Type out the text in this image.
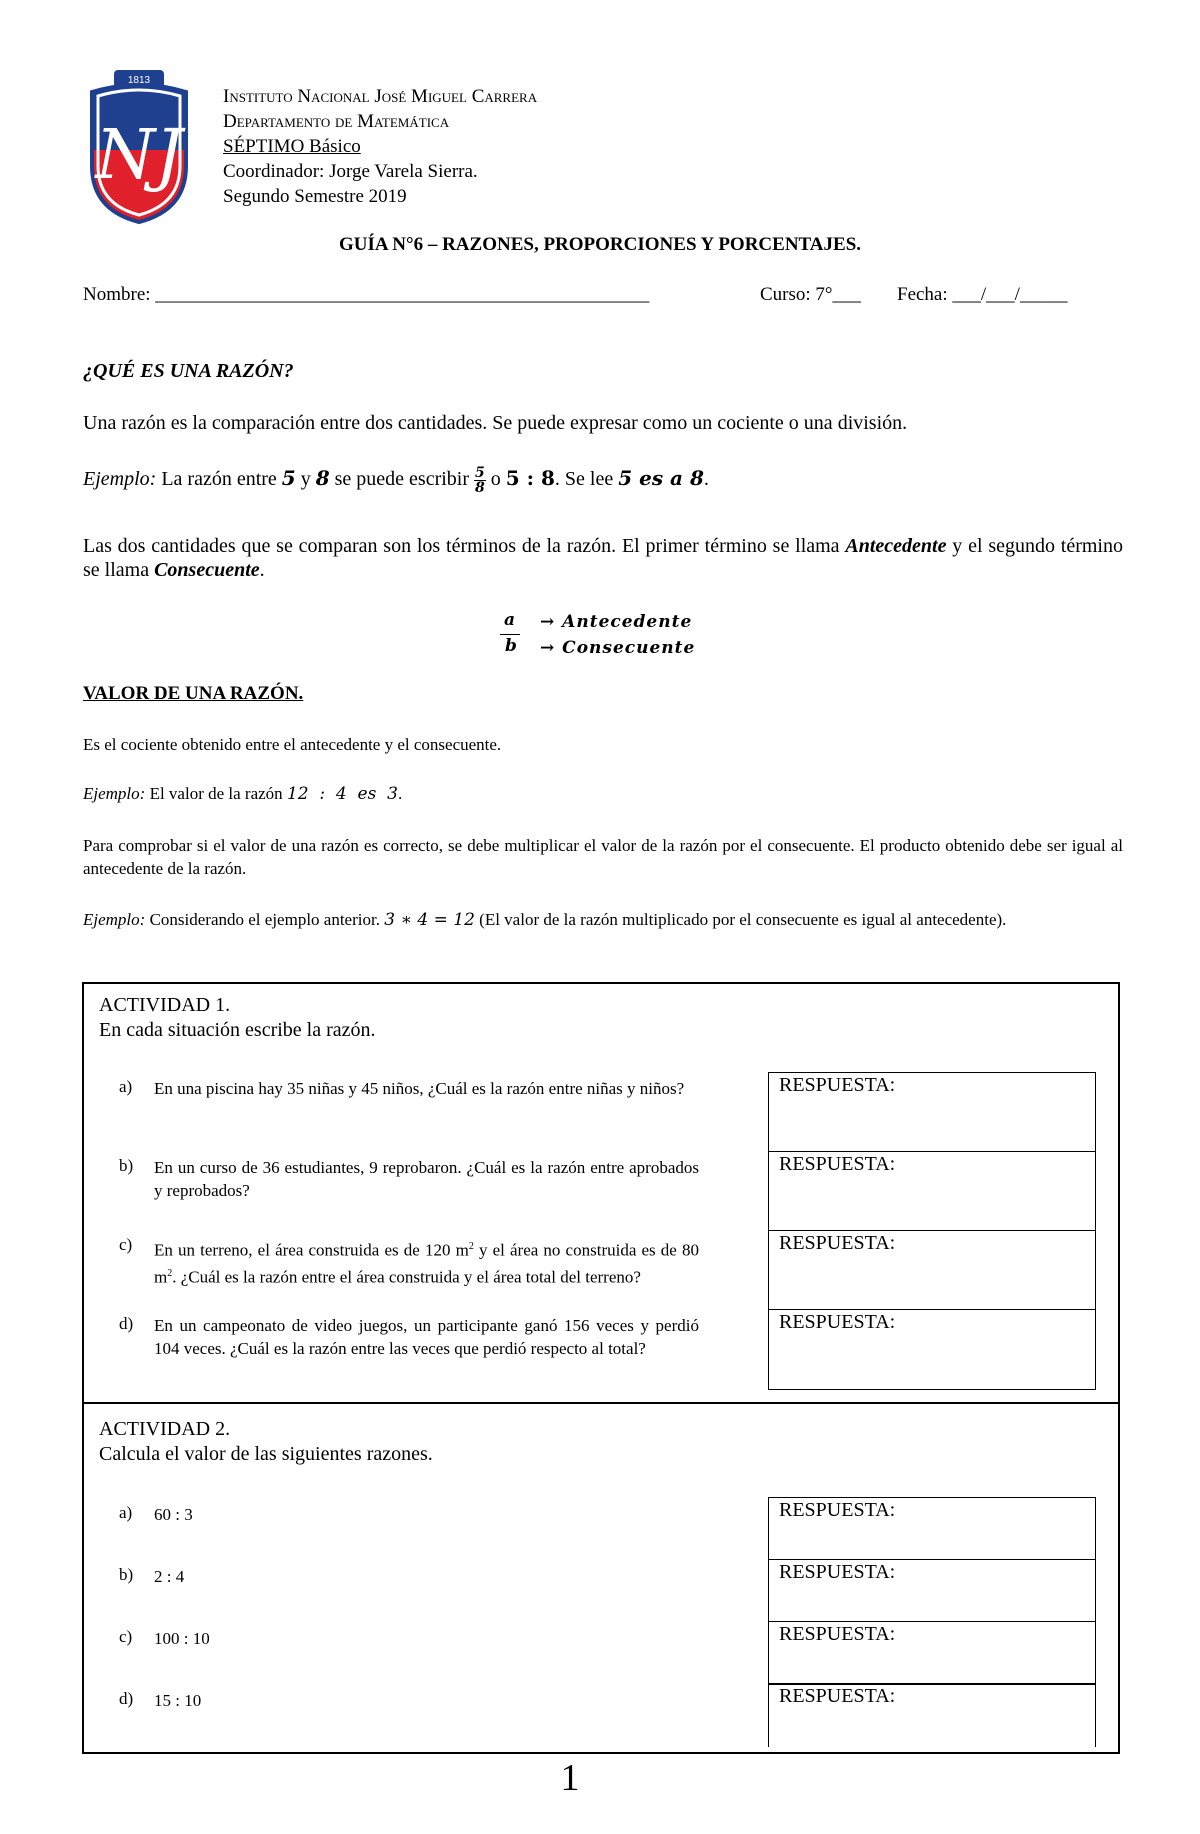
1813
NJ
Instituto Nacional José Miguel Carrera
Departamento de Matemática
SÉPTIMO Básico
Coordinador: Jorge Varela Sierra.
Segundo Semestre 2019
GUÍA N°6 – RAZONES, PROPORCIONES Y PORCENTAJES.
Nombre: ____________________________________________________	Curso: 7°___ Fecha: ___/___/_____
¿QUÉ ES UNA RAZÓN?
Una razón es la comparación entre dos cantidades. Se puede expresar como un cociente o una división.
Ejemplo: La razón entre 5 y 8 se puede escribir $\frac{5}{8}$ o 5 : 8. Se lee 5 es a 8.
Las dos cantidades que se comparan son los términos de la razón. El primer término se llama Antecedente y el segundo término se llama Consecuente.
a
b
→ Antecedente
→ Consecuente
VALOR DE UNA RAZÓN.
Es el cociente obtenido entre el antecedente y el consecuente.
Ejemplo: El valor de la razón 12  :  4  es  3.
Para comprobar si el valor de una razón es correcto, se debe multiplicar el valor de la razón por el consecuente. El producto obtenido debe ser igual al antecedente de la razón.
Ejemplo: Considerando el ejemplo anterior. 3 ∗ 4 = 12 (El valor de la razón multiplicado por el consecuente es igual al antecedente).
ACTIVIDAD 1.
En cada situación escribe la razón.
a) En una piscina hay 35 niñas y 45 niños, ¿Cuál es la razón entre niñas y niños?
b) En un curso de 36 estudiantes, 9 reprobaron. ¿Cuál es la razón entre aprobados y reprobados?
c) En un terreno, el área construida es de 120 $m^2$ y el área no construida es de 80 $m^2$. ¿Cuál es la razón entre el área construida y el área total del terreno?
d) En un campeonato de video juegos, un participante ganó 156 veces y perdió 104 veces. ¿Cuál es la razón entre las veces que perdió respecto al total?
RESPUESTA:
RESPUESTA:
RESPUESTA:
RESPUESTA:
ACTIVIDAD 2.
Calcula el valor de las siguientes razones.
a) 60 : 3
b) 2 : 4
c) 100 : 10
d) 15 : 10
RESPUESTA:
RESPUESTA:
RESPUESTA:
RESPUESTA:
1
